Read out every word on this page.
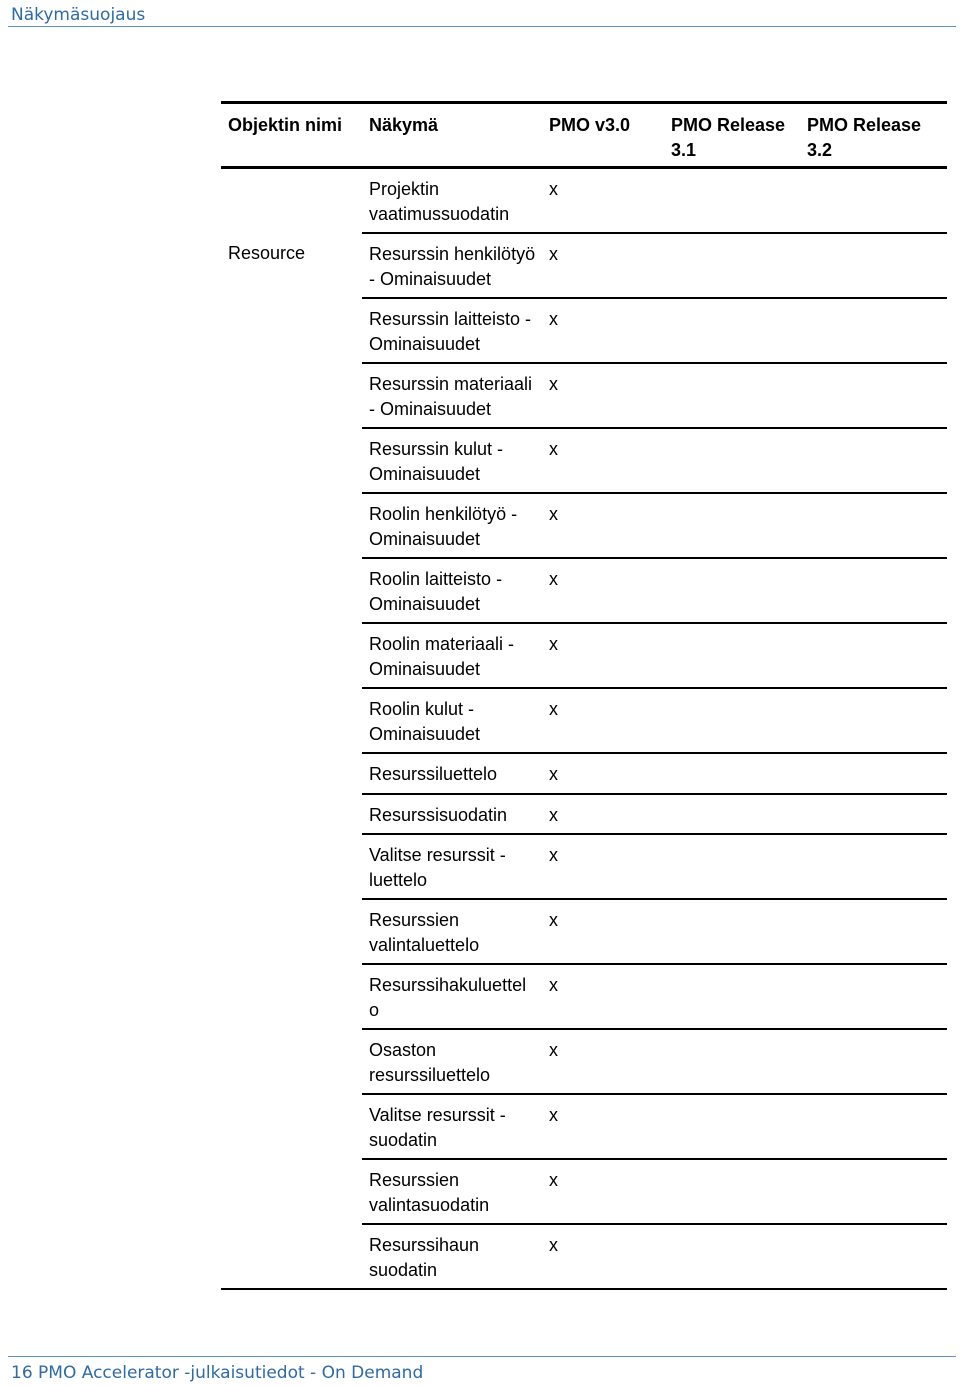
Näkymäsuojaus
Objektin nimi	Näkymä	PMO v3.0	PMO Release 3.1	PMO Release 3.2
	Projektin vaatimussuodatin	x		
Resource	Resurssin henkilötyö - Ominaisuudet	x		
	Resurssin laitteisto - Ominaisuudet	x		
	Resurssin materiaali - Ominaisuudet	x		
	Resurssin kulut - Ominaisuudet	x		
	Roolin henkilötyö - Ominaisuudet	x		
	Roolin laitteisto - Ominaisuudet	x		
	Roolin materiaali - Ominaisuudet	x		
	Roolin kulut - Ominaisuudet	x		
	Resurssiluettelo	x		
	Resurssisuodatin	x		
	Valitse resurssit -luettelo	x		
	Resurssien valintaluettelo	x		
	Resurssihakuluettelo	x		
	Osaston resurssiluettelo	x		
	Valitse resurssit -suodatin	x		
	Resurssien valintasuodatin	x		
	Resurssihaun suodatin	x		
16 PMO Accelerator -julkaisutiedot - On Demand
